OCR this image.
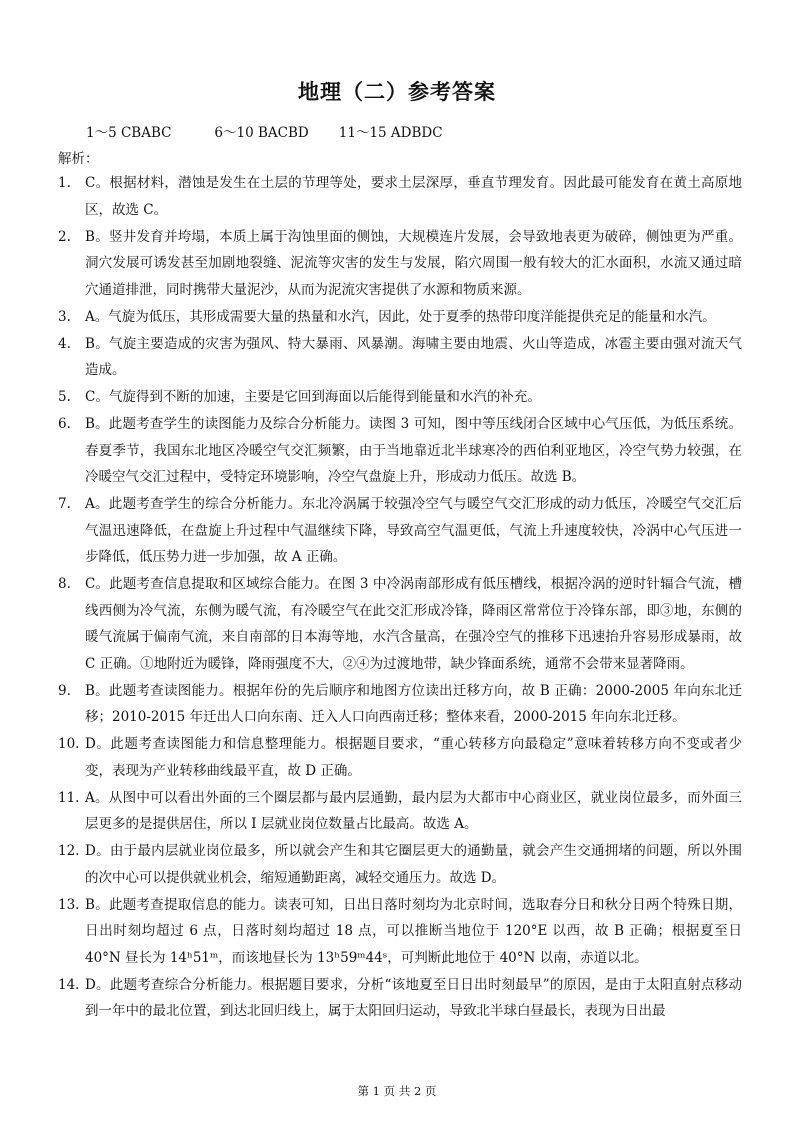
地理（二）参考答案
1～5 CBABC	6～10 BACBD 11～15 ADBDC
解析：
1. C。根据材料，潜蚀是发生在土层的节理等处，要求土层深厚，垂直节理发育。因此最可能发育在黄土高原地区，故选 C。
2. B。竖井发育并垮塌，本质上属于沟蚀里面的侧蚀，大规模连片发展，会导致地表更为破碎，侧蚀更为严重。洞穴发展可诱发甚至加剧地裂缝、泥流等灾害的发生与发展，陷穴周围一般有较大的汇水面积，水流又通过暗穴通道排泄，同时携带大量泥沙，从而为泥流灾害提供了水源和物质来源。
3. A。气旋为低压，其形成需要大量的热量和水汽，因此，处于夏季的热带印度洋能提供充足的能量和水汽。
4. B。气旋主要造成的灾害为强风、特大暴雨、风暴潮。海啸主要由地震、火山等造成，冰雹主要由强对流天气造成。
5. C。气旋得到不断的加速，主要是它回到海面以后能得到能量和水汽的补充。
6. B。此题考查学生的读图能力及综合分析能力。读图 3 可知，图中等压线闭合区域中心气压低，为低压系统。春夏季节，我国东北地区冷暖空气交汇频繁，由于当地靠近北半球寒冷的西伯利亚地区，冷空气势力较强，在冷暖空气交汇过程中，受特定环境影响，冷空气盘旋上升，形成动力低压。故选 B。
7. A。此题考查学生的综合分析能力。东北冷涡属于较强冷空气与暖空气交汇形成的动力低压，冷暖空气交汇后气温迅速降低，在盘旋上升过程中气温继续下降，导致高空气温更低，气流上升速度较快，冷涡中心气压进一步降低，低压势力进一步加强，故 A 正确。
8. C。此题考查信息提取和区域综合能力。在图 3 中冷涡南部形成有低压槽线，根据冷涡的逆时针辐合气流，槽线西侧为冷气流，东侧为暖气流，有冷暖空气在此交汇形成冷锋，降雨区常常位于冷锋东部，即③地，东侧的暖气流属于偏南气流，来自南部的日本海等地，水汽含量高，在强冷空气的推移下迅速抬升容易形成暴雨，故 C 正确。①地附近为暖锋，降雨强度不大，②④为过渡地带，缺少锋面系统，通常不会带来显著降雨。
9. B。此题考查读图能力。根据年份的先后顺序和地图方位读出迁移方向，故 B 正确：2000-2005 年向东北迁移；2010-2015 年迁出人口向东南、迁入人口向西南迁移；整体来看，2000-2015 年向东北迁移。
10. D。此题考查读图能力和信息整理能力。根据题目要求，“重心转移方向最稳定”意味着转移方向不变或者少变，表现为产业转移曲线最平直，故 D 正确。
11. A。从图中可以看出外面的三个圈层都与最内层通勤，最内层为大都市中心商业区，就业岗位最多，而外面三层更多的是提供居住，所以 I 层就业岗位数量占比最高。故选 A。
12. D。由于最内层就业岗位最多，所以就会产生和其它圈层更大的通勤量，就会产生交通拥堵的问题，所以外围的次中心可以提供就业机会，缩短通勤距离，减轻交通压力。故选 D。
13. B。此题考查提取信息的能力。读表可知，日出日落时刻均为北京时间，选取春分日和秋分日两个特殊日期，日出时刻均超过 6 点，日落时刻均超过 18 点，可以推断当地位于 120°E 以西，故 B 正确；根据夏至日 40°N 昼长为 14ʰ51ᵐ，而该地昼长为 13ʰ59ᵐ44ˢ，可判断此地位于 40°N 以南，赤道以北。
14. D。此题考查综合分析能力。根据题目要求，分析“该地夏至日日出时刻最早”的原因，是由于太阳直射点移动到一年中的最北位置，到达北回归线上，属于太阳回归运动，导致北半球白昼最长，表现为日出最
第 1 页 共 2 页
